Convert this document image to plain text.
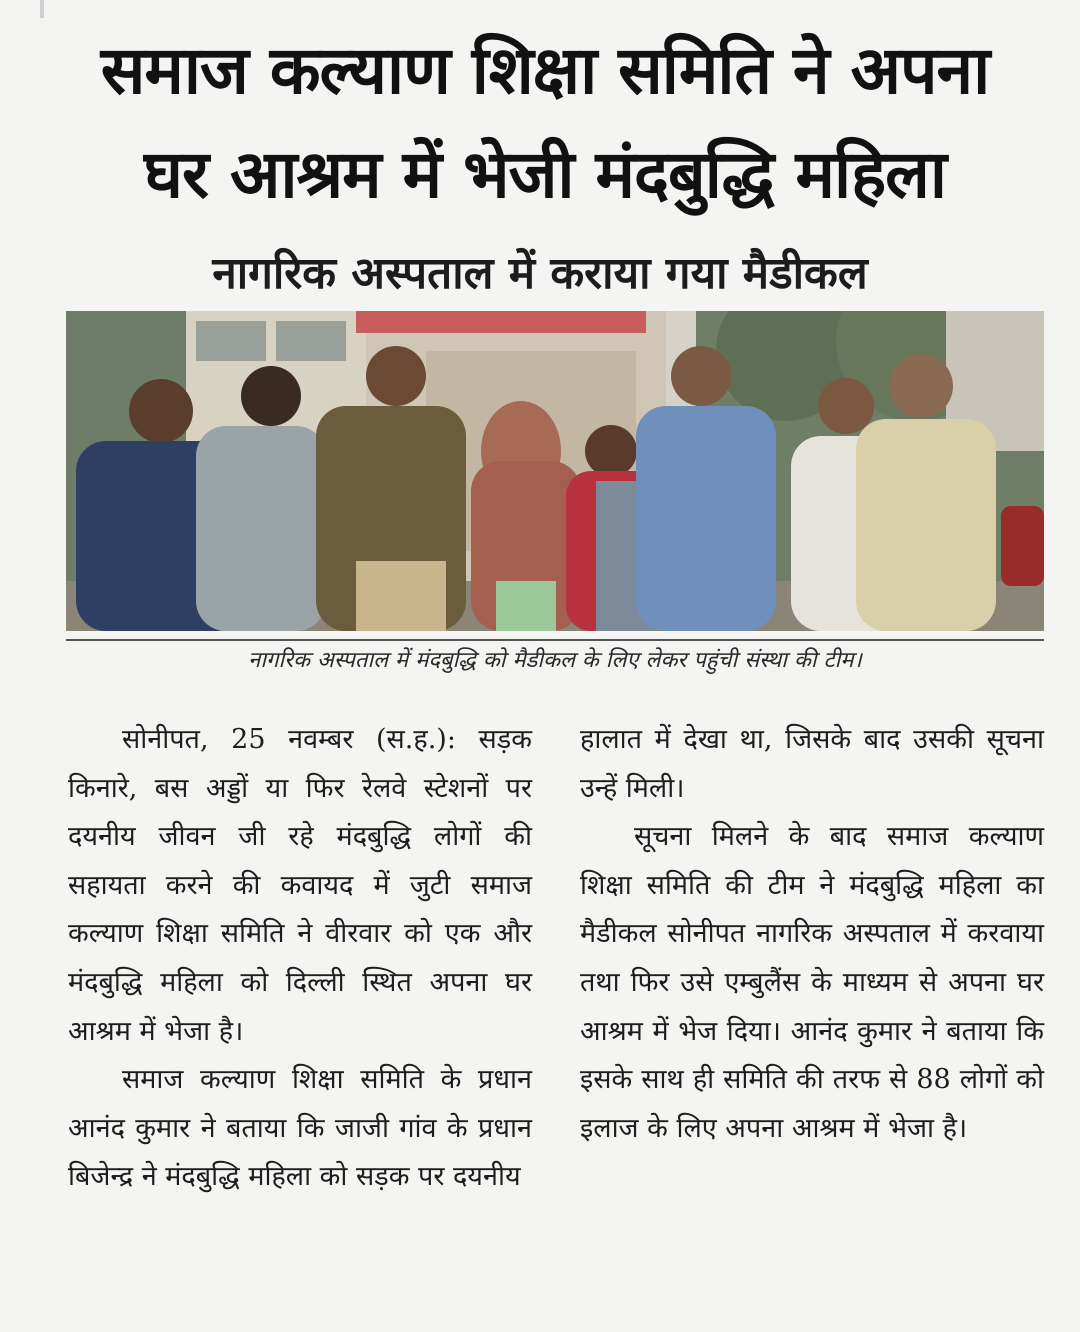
समाज कल्याण शिक्षा समिति ने अपना
घर आश्रम में भेजी मंदबुद्धि महिला
नागरिक अस्पताल में कराया गया मैडीकल

नागरिक अस्पताल में मंदबुद्धि को मैडीकल के लिए लेकर पहुंची संस्था की टीम।

सोनीपत, 25 नवम्बर (स.ह.): सड़क किनारे, बस अड्डों या फिर रेलवे स्टेशनों पर दयनीय जीवन जी रहे मंदबुद्धि लोगों की सहायता करने की कवायद में जुटी समाज कल्याण शिक्षा समिति ने वीरवार को एक और मंदबुद्धि महिला को दिल्ली स्थित अपना घर आश्रम में भेजा है।

समाज कल्याण शिक्षा समिति के प्रधान आनंद कुमार ने बताया कि जाजी गांव के प्रधान बिजेन्द्र ने मंदबुद्धि महिला को सड़क पर दयनीय

हालात में देखा था, जिसके बाद उसकी सूचना उन्हें मिली।

सूचना मिलने के बाद समाज कल्याण शिक्षा समिति की टीम ने मंदबुद्धि महिला का मैडीकल सोनीपत नागरिक अस्पताल में करवाया तथा फिर उसे एम्बुलैंस के माध्यम से अपना घर आश्रम में भेज दिया। आनंद कुमार ने बताया कि इसके साथ ही समिति की तरफ से 88 लोगों को इलाज के लिए अपना आश्रम में भेजा है।
